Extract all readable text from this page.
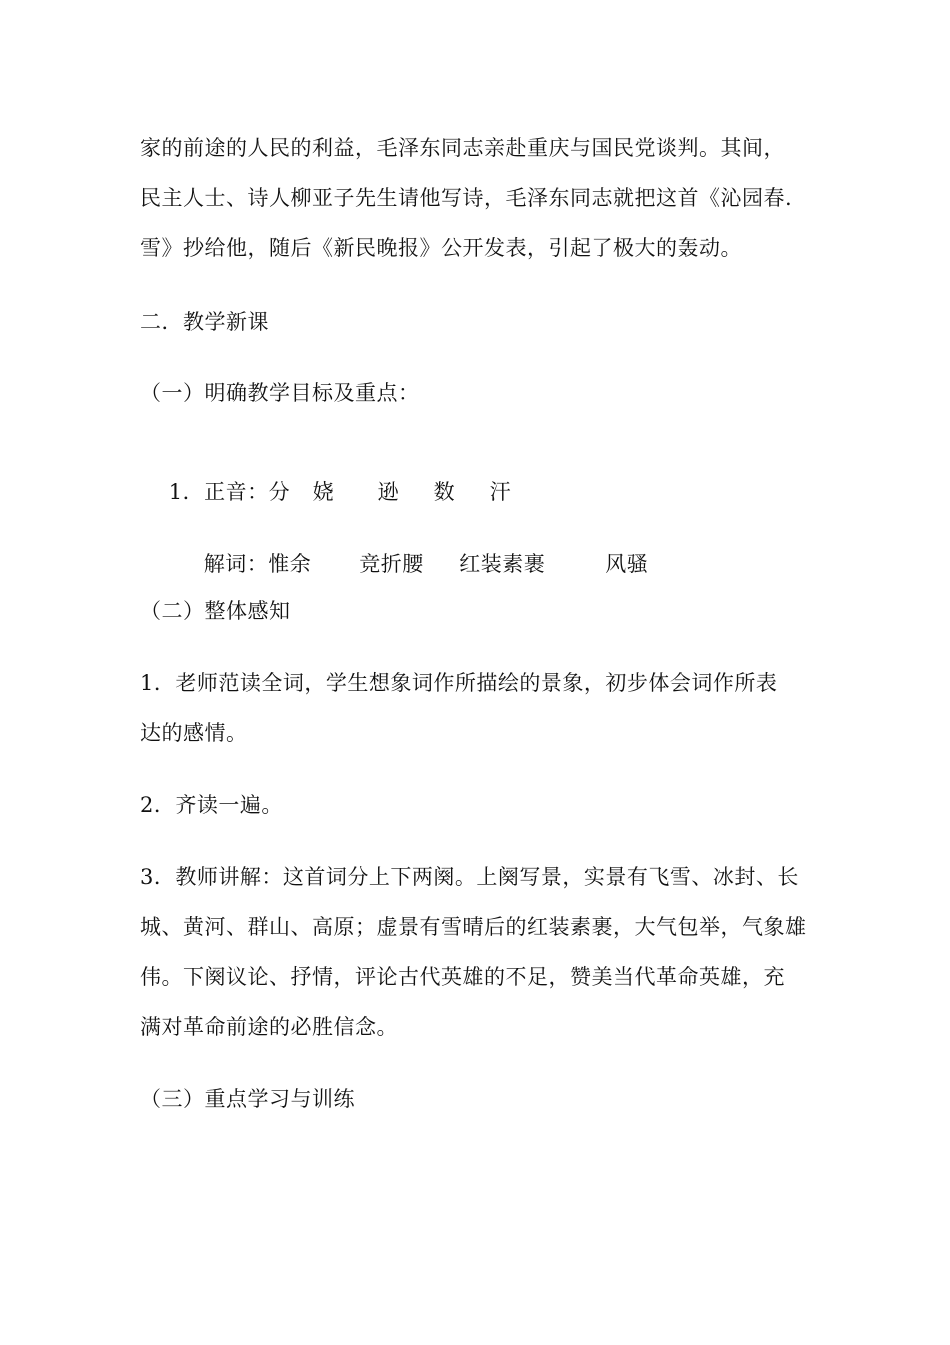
家的前途的人民的利益，毛泽东同志亲赴重庆与国民党谈判。其间，
民主人士、诗人柳亚子先生请他写诗，毛泽东同志就把这首《沁园春.
雪》抄给他，随后《新民晚报》公开发表，引起了极大的轰动。
二．教学新课
（一）明确教学目标及重点：

1．正音：分 娆 逊 数 汗

解词：惟余 竞折腰 红装素裹	风骚

（二）整体感知
1．老师范读全词，学生想象词作所描绘的景象，初步体会词作所表
达的感情。
2．齐读一遍。
3．教师讲解：这首词分上下两阕。上阕写景，实景有飞雪、冰封、长
城、黄河、群山、高原；虚景有雪晴后的红装素裹，大气包举，气象雄
伟。下阕议论、抒情，评论古代英雄的不足，赞美当代革命英雄，充
满对革命前途的必胜信念。
（三）重点学习与训练
